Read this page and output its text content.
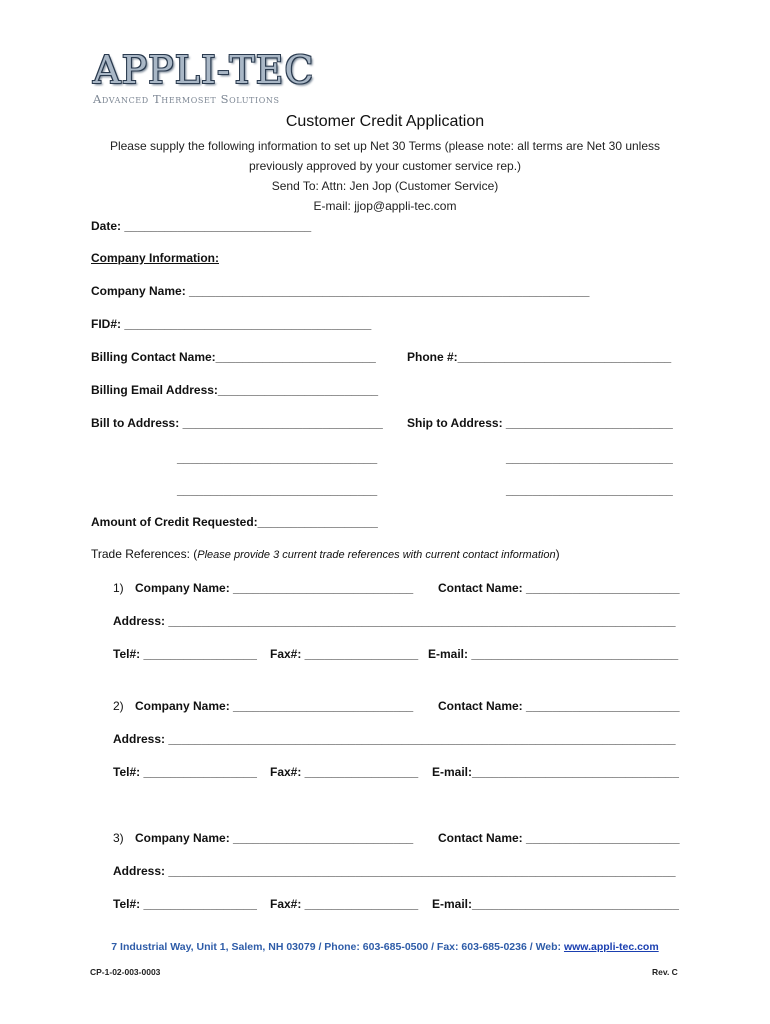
APPLI-TEC
Advanced Thermoset Solutions
Customer Credit Application
Please supply the following information to set up Net 30 Terms (please note: all terms are Net 30 unless
previously approved by your customer service rep.)
Send To: Attn: Jen Jop (Customer Service)
E-mail: jjop@appli-tec.com
Date: ____________________________
Company Information:
Company Name: ____________________________________________________________
FID#: _____________________________________
Billing Contact Name:________________________	Phone #:________________________________
Billing Email Address:________________________
Bill to Address: ______________________________ Ship to Address: _________________________
______________________________	_________________________
______________________________	_________________________
Amount of Credit Requested:__________________
Trade References: (Please provide 3 current trade references with current contact information)
1) Company Name: ___________________________ Contact Name: _______________________
Address: ____________________________________________________________________________
Tel#: _________________ Fax#: _________________ E-mail: _______________________________
2) Company Name: ___________________________ Contact Name: _______________________
Address: ____________________________________________________________________________
Tel#: _________________ Fax#: _________________ E-mail:_______________________________
3) Company Name: ___________________________ Contact Name: _______________________
Address: ____________________________________________________________________________
Tel#: _________________ Fax#: _________________ E-mail:_______________________________
7 Industrial Way, Unit 1, Salem, NH 03079 / Phone: 603-685-0500 / Fax: 603-685-0236 / Web: www.appli-tec.com
CP-1-02-003-0003	Rev. C
